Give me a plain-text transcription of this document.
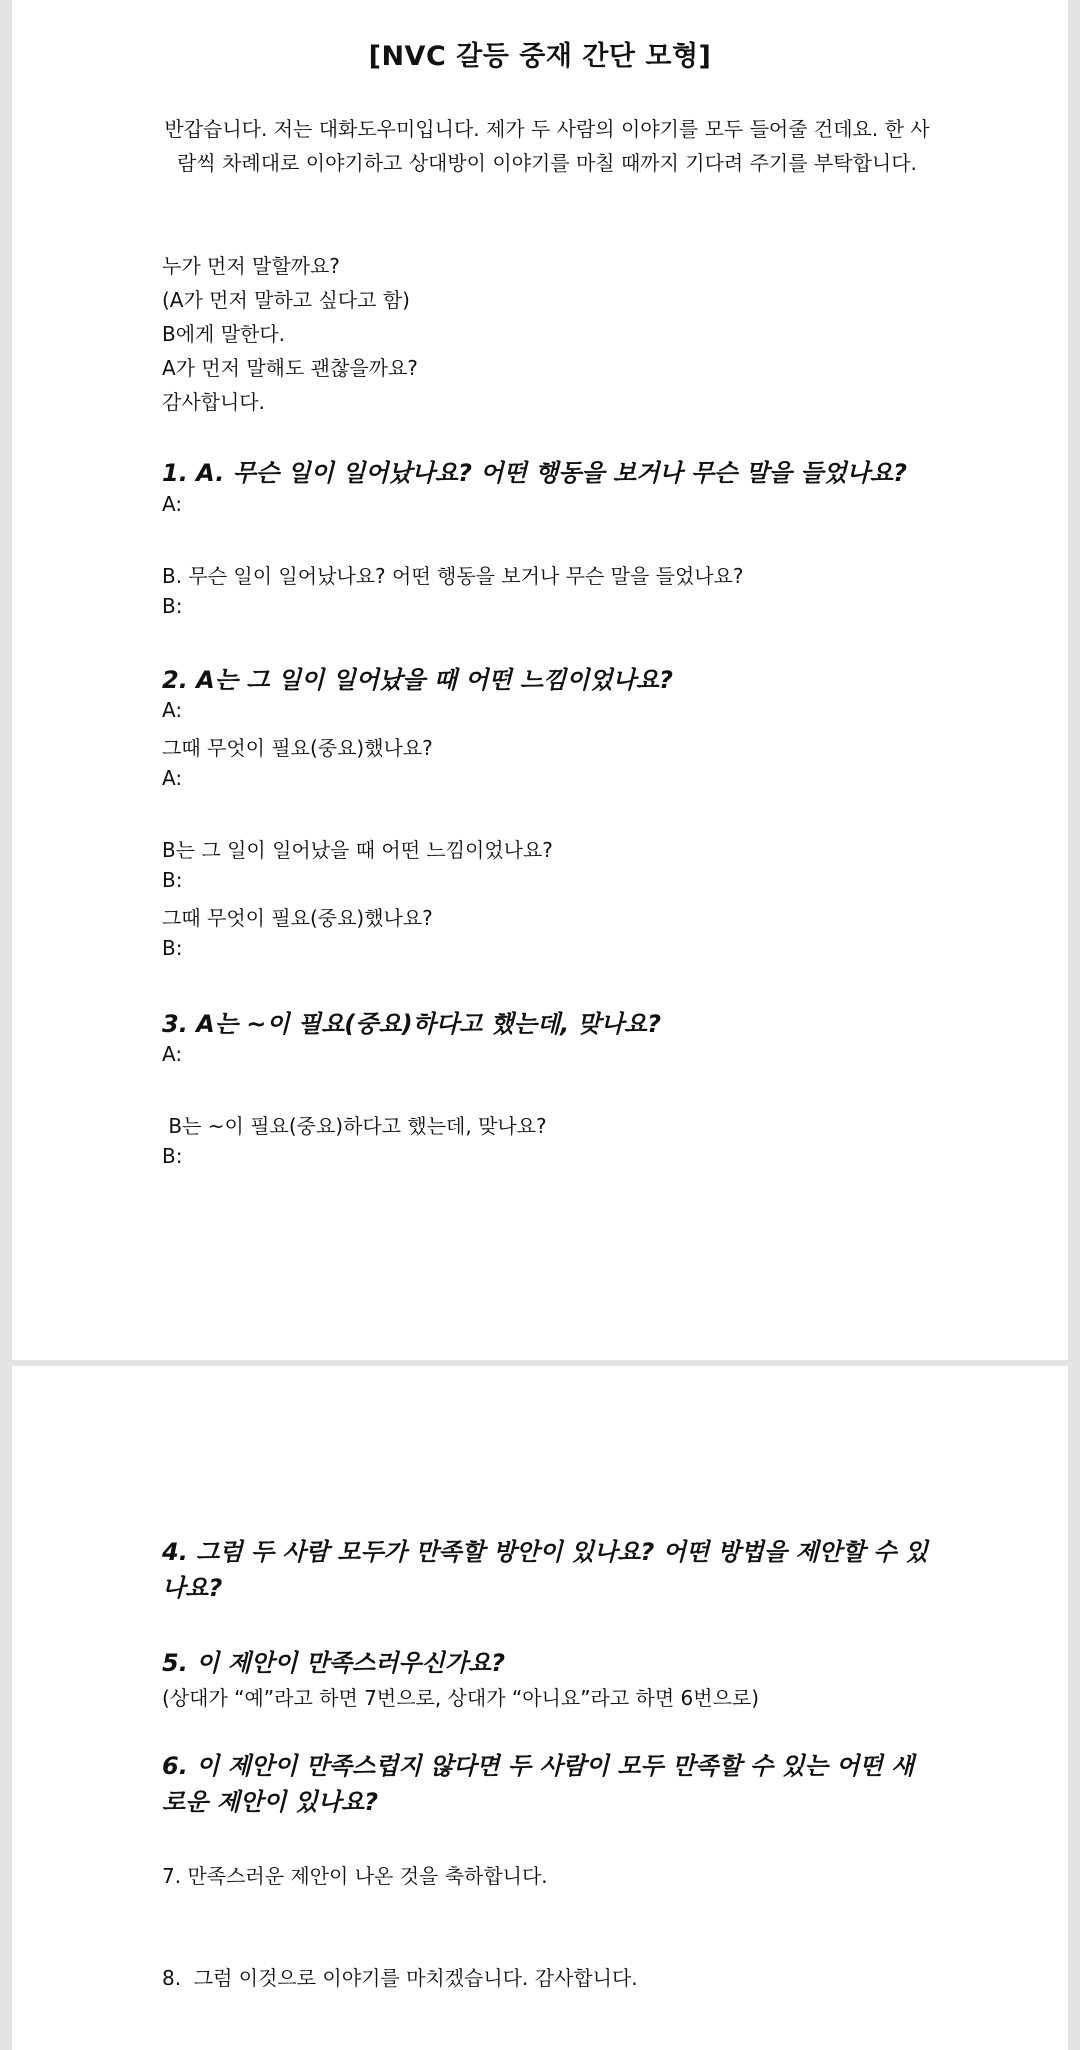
[NVC 갈등 중재 간단 모형]
반갑습니다. 저는 대화도우미입니다. 제가 두 사람의 이야기를 모두 들어줄 건데요. 한 사람씩 차례대로 이야기하고 상대방이 이야기를 마칠 때까지 기다려 주기를 부탁합니다.
누가 먼저 말할까요?
(A가 먼저 말하고 싶다고 함)
B에게 말한다.
A가 먼저 말해도 괜찮을까요?
감사합니다.
1. A. 무슨 일이 일어났나요? 어떤 행동을 보거나 무슨 말을 들었나요?
A:
B. 무슨 일이 일어났나요? 어떤 행동을 보거나 무슨 말을 들었나요?
B:
2. A는 그 일이 일어났을 때 어떤 느낌이었나요?
A:
그때 무엇이 필요(중요)했나요?
A:
B는 그 일이 일어났을 때 어떤 느낌이었나요?
B:
그때 무엇이 필요(중요)했나요?
B:
3. A는 ~이 필요(중요)하다고 했는데, 맞나요?
A:
B는 ~이 필요(중요)하다고 했는데, 맞나요?
B:
4. 그럼 두 사람 모두가 만족할 방안이 있나요? 어떤 방법을 제안할 수 있나요?
5. 이 제안이 만족스러우신가요?
(상대가 “예”라고 하면 7번으로, 상대가 “아니요”라고 하면 6번으로)
6. 이 제안이 만족스럽지 않다면 두 사람이 모두 만족할 수 있는 어떤 새로운 제안이 있나요?
7. 만족스러운 제안이 나온 것을 축하합니다.
8.  그럼 이것으로 이야기를 마치겠습니다. 감사합니다.
